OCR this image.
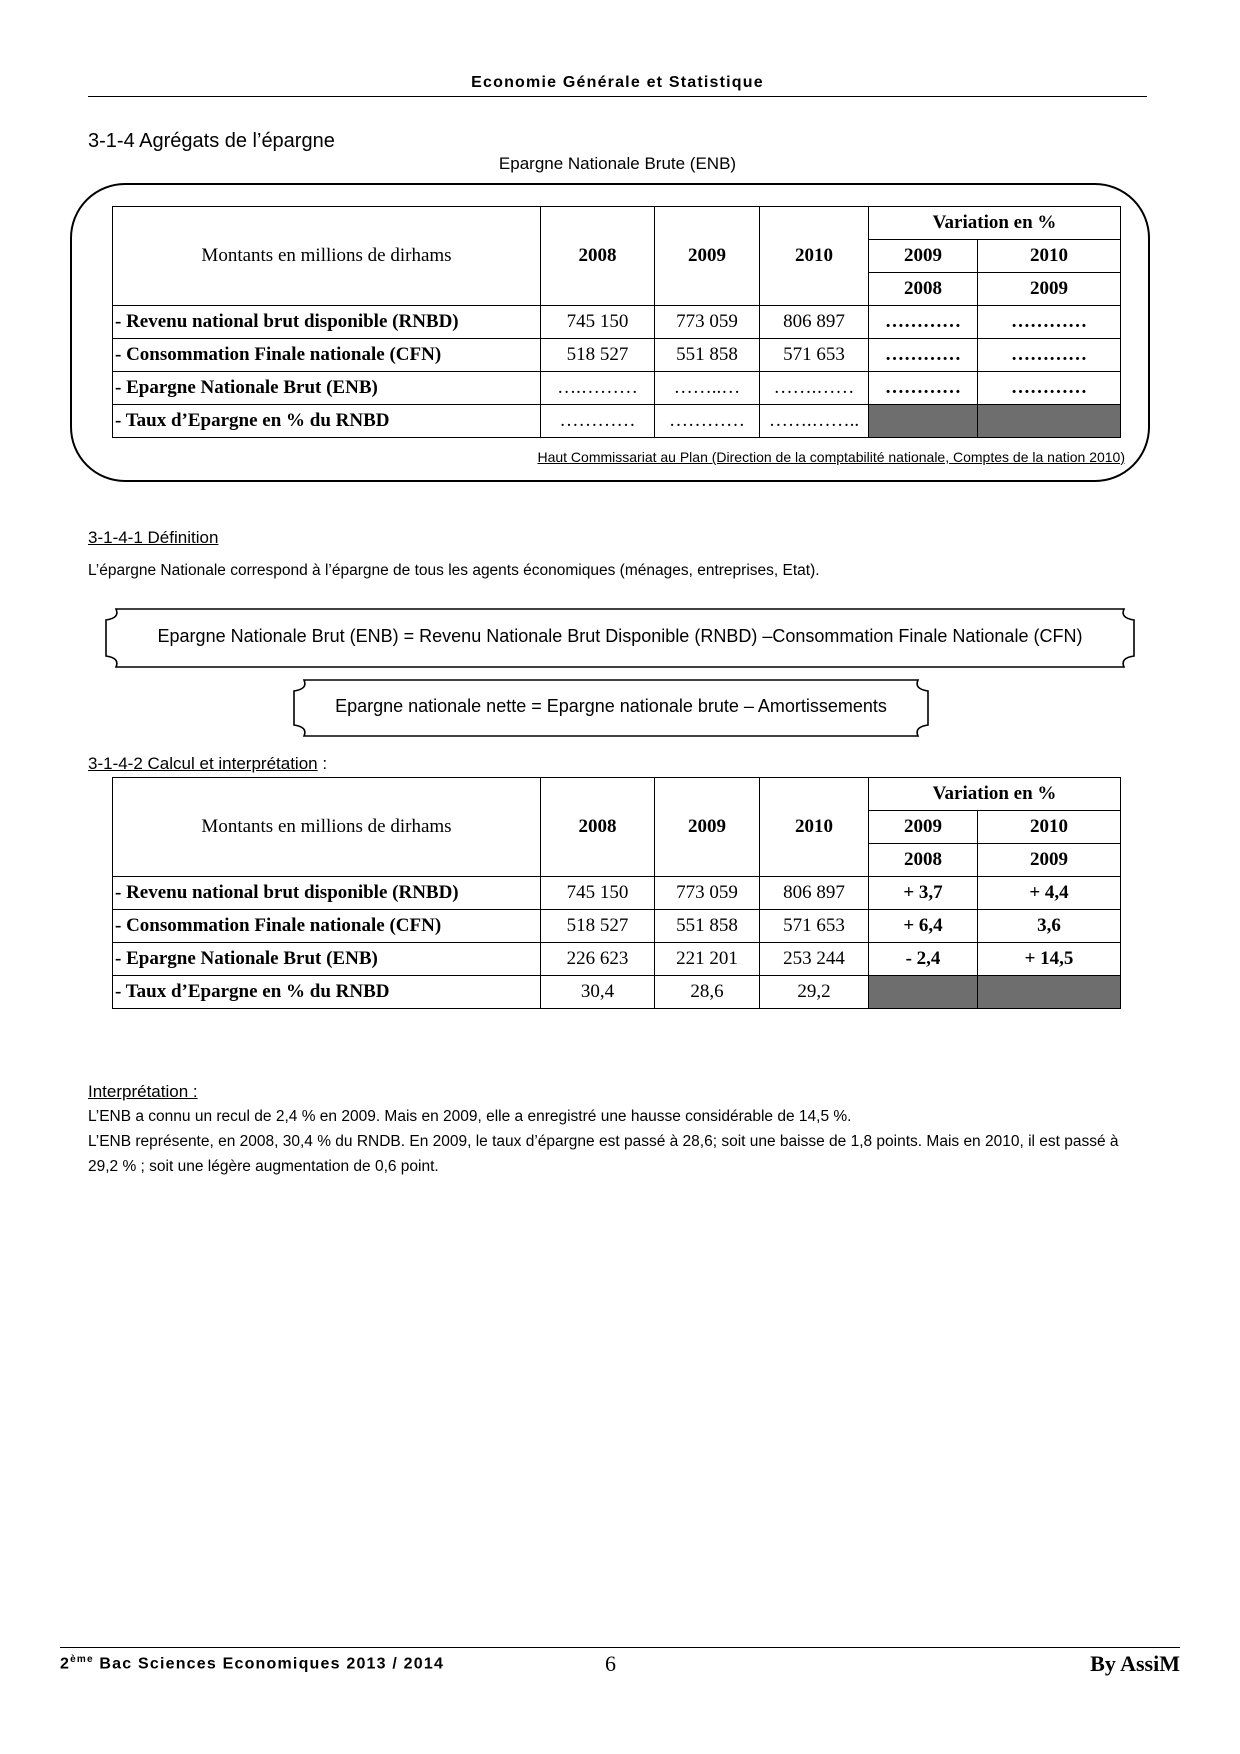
Economie Générale et Statistique
3-1-4 Agrégats de l’épargne
Epargne Nationale Brute (ENB)
Montants en millions de dirhams	2008	2009	2010	Variation en %	
				2009	2010
				2008	2009
- Revenu national brut disponible (RNBD)	745 150	773 059	806 897	…………	…………
- Consommation Finale nationale (CFN)	518 527	551 858	571 653	…………	…………
- Epargne Nationale Brut (ENB)	….………	……..…	…….……	…………	…………
- Taux d’Epargne en % du RNBD	…………	…………	…….……..		
Haut Commissariat au Plan (Direction de la comptabilité nationale, Comptes de la nation 2010)
3-1-4-1 Définition
L’épargne Nationale correspond à l’épargne de tous les agents économiques (ménages, entreprises, Etat).
Epargne Nationale Brut (ENB) = Revenu Nationale Brut Disponible (RNBD) –Consommation Finale Nationale (CFN)
Epargne nationale nette = Epargne nationale brute – Amortissements
3-1-4-2 Calcul et interprétation :
Montants en millions de dirhams	2008	2009	2010	Variation en %	
				2009	2010
				2008	2009
- Revenu national brut disponible (RNBD)	745 150	773 059	806 897	+ 3,7	+ 4,4
- Consommation Finale nationale (CFN)	518 527	551 858	571 653	+ 6,4	3,6
- Epargne Nationale Brut (ENB)	226 623	221 201	253 244	- 2,4	+ 14,5
- Taux d’Epargne en % du RNBD	30,4	28,6	29,2		
Interprétation :
L’ENB a connu un recul de 2,4 % en 2009. Mais en 2009, elle a enregistré une hausse considérable de 14,5 %.
L’ENB représente, en 2008, 30,4 % du RNDB. En 2009, le taux d’épargne est passé à 28,6; soit une baisse de 1,8 points. Mais en 2010, il est passé à 29,2 % ; soit une légère augmentation de 0,6 point.
2ème Bac Sciences Economiques 2013 / 2014	6	By AssiM
